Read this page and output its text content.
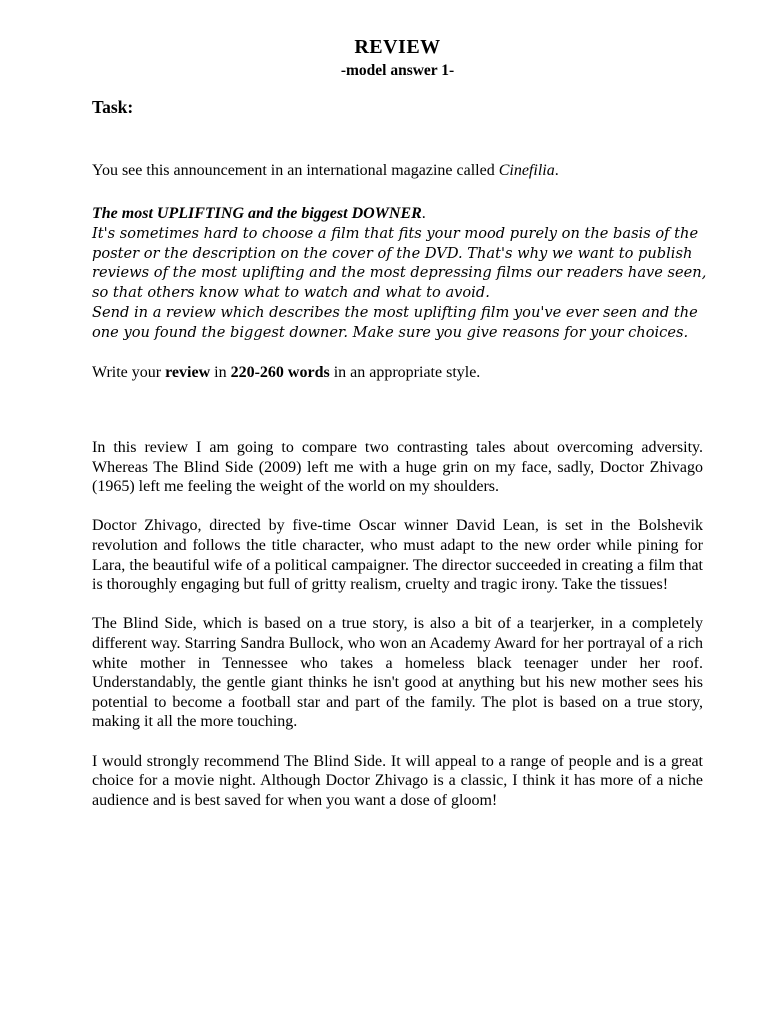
REVIEW
-model answer 1-
Task:
You see this announcement in an international magazine called Cinefilia.
The most UPLIFTING and the biggest DOWNER.
It's sometimes hard to choose a film that fits your mood purely on the basis of the
poster or the description on the cover of the DVD. That's why we want to publish
reviews of the most uplifting and the most depressing films our readers have seen,
so that others know what to watch and what to avoid.
Send in a review which describes the most uplifting film you've ever seen and the
one you found the biggest downer. Make sure you give reasons for your choices.
Write your review in 220-260 words in an appropriate style.

In this review I am going to compare two contrasting tales about overcoming adversity. Whereas The Blind Side (2009) left me with a huge grin on my face, sadly, Doctor Zhivago (1965) left me feeling the weight of the world on my shoulders.

Doctor Zhivago, directed by five-time Oscar winner David Lean, is set in the Bolshevik revolution and follows the title character, who must adapt to the new order while pining for Lara, the beautiful wife of a political campaigner. The director succeeded in creating a film that is thoroughly engaging but full of gritty realism, cruelty and tragic irony. Take the tissues!

The Blind Side, which is based on a true story, is also a bit of a tearjerker, in a completely different way. Starring Sandra Bullock, who won an Academy Award for her portrayal of a rich white mother in Tennessee who takes a homeless black teenager under her roof. Understandably, the gentle giant thinks he isn't good at anything but his new mother sees his potential to become a football star and part of the family. The plot is based on a true story, making it all the more touching.

I would strongly recommend The Blind Side. It will appeal to a range of people and is a great choice for a movie night. Although Doctor Zhivago is a classic, I think it has more of a niche audience and is best saved for when you want a dose of gloom!
